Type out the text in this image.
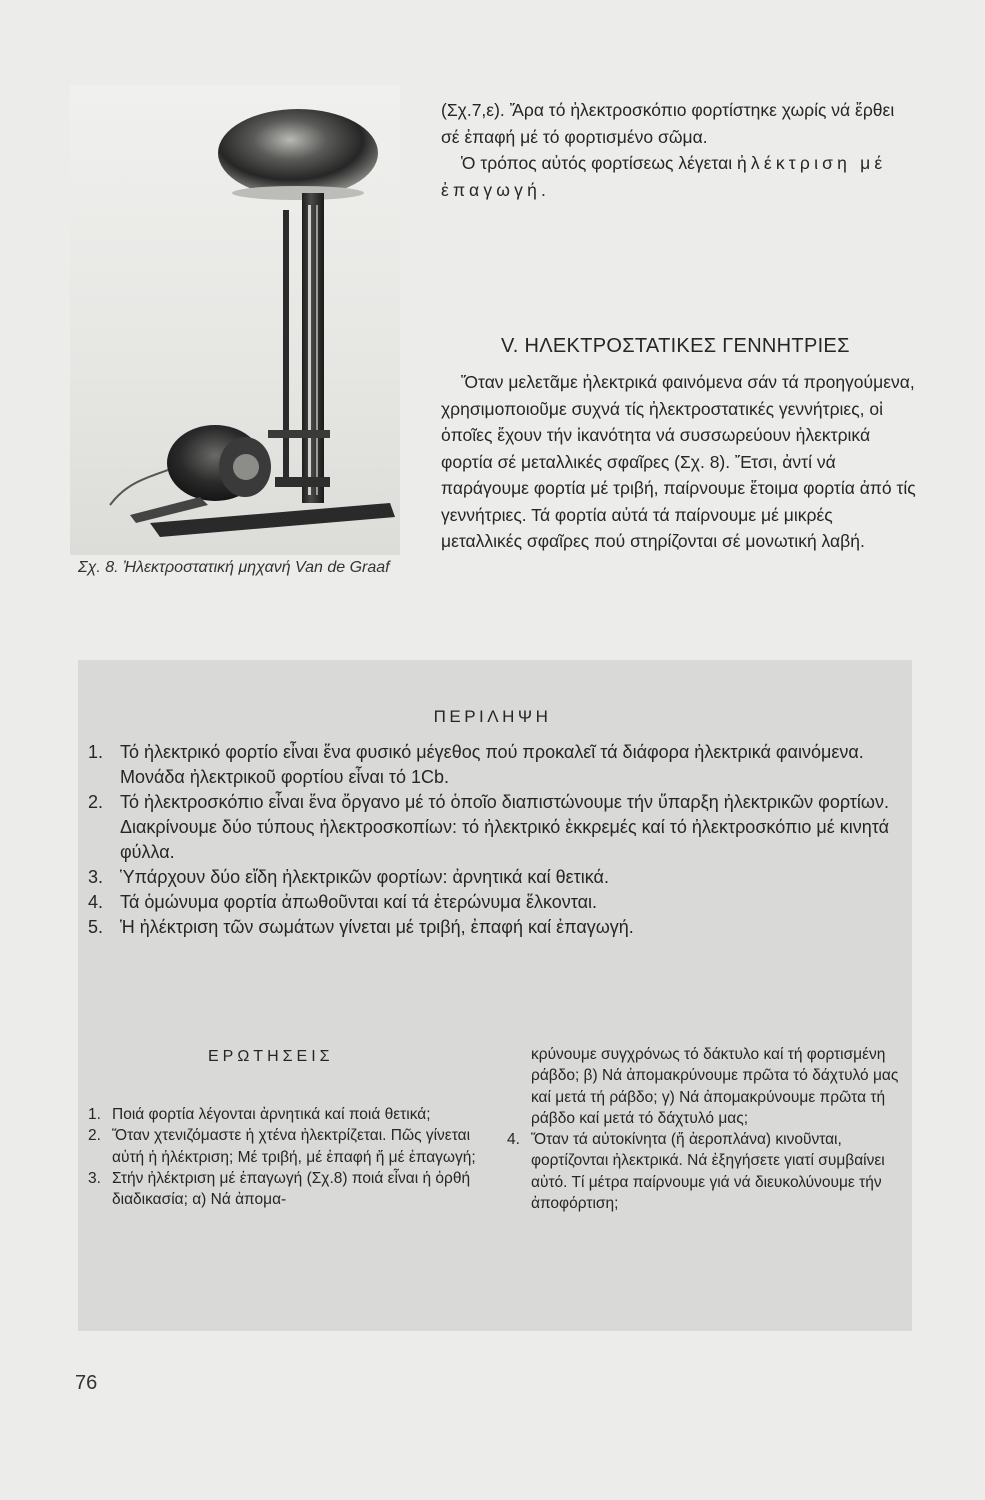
Σχ. 8. Ἠλεκτροστατική μηχανή Van de Graaf

(Σχ.7,ε). Ἄρα τό ἠλεκτροσκόπιο φορτίστηκε χωρίς νά ἔρθει σέ ἐπαφή μέ τό φορτισμένο σῶμα.

Ὁ τρόπος αὐτός φορτίσεως λέγεται ἠλέκτριση μέ ἐπαγωγή.

V. ΗΛΕΚΤΡΟΣΤΑΤΙΚΕΣ ΓΕΝΝΗΤΡΙΕΣ
Ὅταν μελετᾶμε ἠλεκτρικά φαινόμενα σάν τά προηγούμενα, χρησιμοποιοῦμε συχνά τίς ἠλεκτροστατικές γεννήτριες, οἱ ὁποῖες ἔχουν τήν ἱκανότητα νά συσσωρεύουν ἠλεκτρικά φορτία σέ μεταλλικές σφαῖρες (Σχ. 8). Ἔτσι, ἀντί νά παράγουμε φορτία μέ τριβή, παίρνουμε ἕτοιμα φορτία ἀπό τίς γεννήτριες. Τά φορτία αὐτά τά παίρνουμε μέ μικρές μεταλλικές σφαῖρες πού στηρίζονται σέ μονωτική λαβή.
ΠΕΡΙΛΗΨΗ
1. Τό ἠλεκτρικό φορτίο εἶναι ἕνα φυσικό μέγεθος πού προκαλεῖ τά διάφορα ἠλεκτρικά φαινόμενα. Μονάδα ἠλεκτρικοῦ φορτίου εἶναι τό 1Cb.
2. Τό ἠλεκτροσκόπιο εἶναι ἕνα ὄργανο μέ τό ὁποῖο διαπιστώνουμε τήν ὕπαρξη ἠλεκτρικῶν φορτίων. Διακρίνουμε δύο τύπους ἠλεκτροσκοπίων: τό ἠλεκτρικό ἐκκρεμές καί τό ἠλεκτροσκόπιο μέ κινητά φύλλα.
3. Ὑπάρχουν δύο εἴδη ἠλεκτρικῶν φορτίων: ἀρνητικά καί θετικά.
4. Τά ὁμώνυμα φορτία ἀπωθοῦνται καί τά ἑτερώνυμα ἕλκονται.
5. Ἡ ἠλέκτριση τῶν σωμάτων γίνεται μέ τριβή, ἐπαφή καί ἐπαγωγή.
ΕΡΩΤΗΣΕΙΣ
1. Ποιά φορτία λέγονται ἀρνητικά καί ποιά θετικά;
2. Ὅταν χτενιζόμαστε ἡ χτένα ἠλεκτρίζεται. Πῶς γίνεται αὐτή ἡ ἠλέκτριση; Μέ τριβή, μέ ἐπαφή ἤ μέ ἐπαγωγή;
3. Στήν ἠλέκτριση μέ ἐπαγωγή (Σχ.8) ποιά εἶναι ἡ ὀρθή διαδικασία; α) Νά ἀπομα-
κρύνουμε συγχρόνως τό δάκτυλο καί τή φορτισμένη ράβδο; β) Νά ἀπομακρύνουμε πρῶτα τό δάχτυλό μας καί μετά τή ράβδο; γ) Νά ἀπομακρύνουμε πρῶτα τή ράβδο καί μετά τό δάχτυλό μας;
4. Ὅταν τά αὐτοκίνητα (ἤ ἀεροπλάνα) κινοῦνται, φορτίζονται ἠλεκτρικά. Νά ἐξηγήσετε γιατί συμβαίνει αὐτό. Τί μέτρα παίρνουμε γιά νά διευκολύνουμε τήν ἀποφόρτιση;
76
